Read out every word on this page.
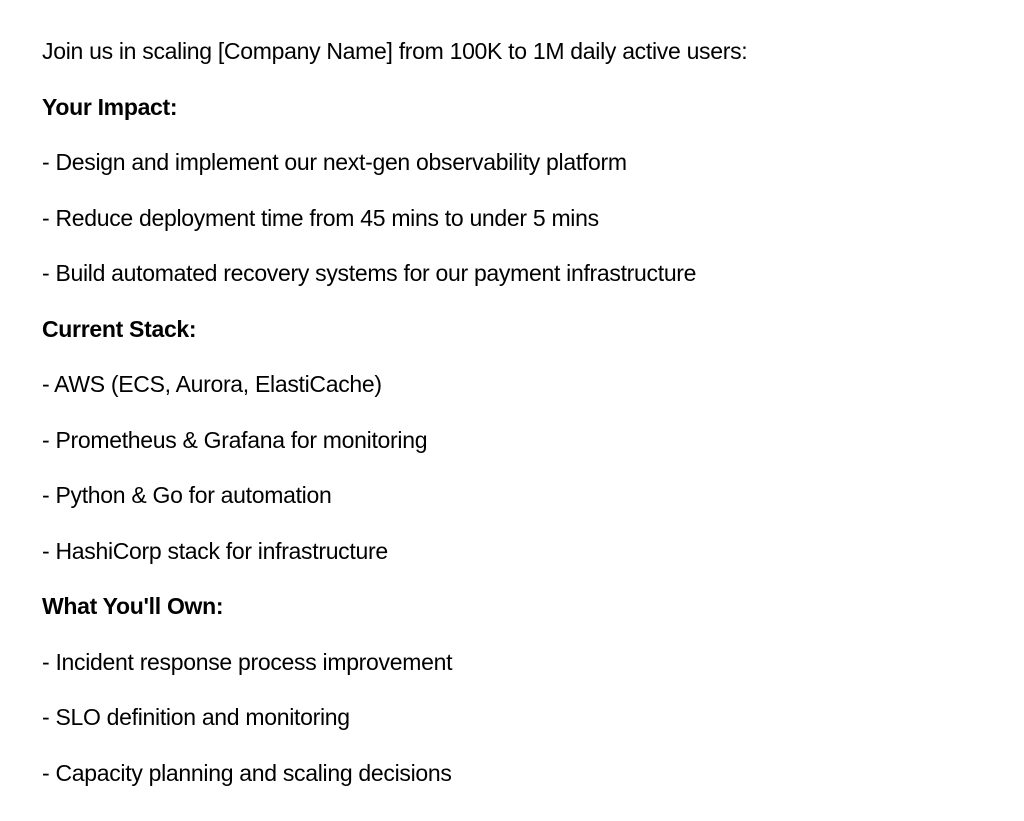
Join us in scaling [Company Name] from 100K to 1M daily active users:

Your Impact:

- Design and implement our next-gen observability platform

- Reduce deployment time from 45 mins to under 5 mins

- Build automated recovery systems for our payment infrastructure

Current Stack:

- AWS (ECS, Aurora, ElastiCache)

- Prometheus & Grafana for monitoring

- Python & Go for automation

- HashiCorp stack for infrastructure

What You'll Own:

- Incident response process improvement

- SLO definition and monitoring

- Capacity planning and scaling decisions
